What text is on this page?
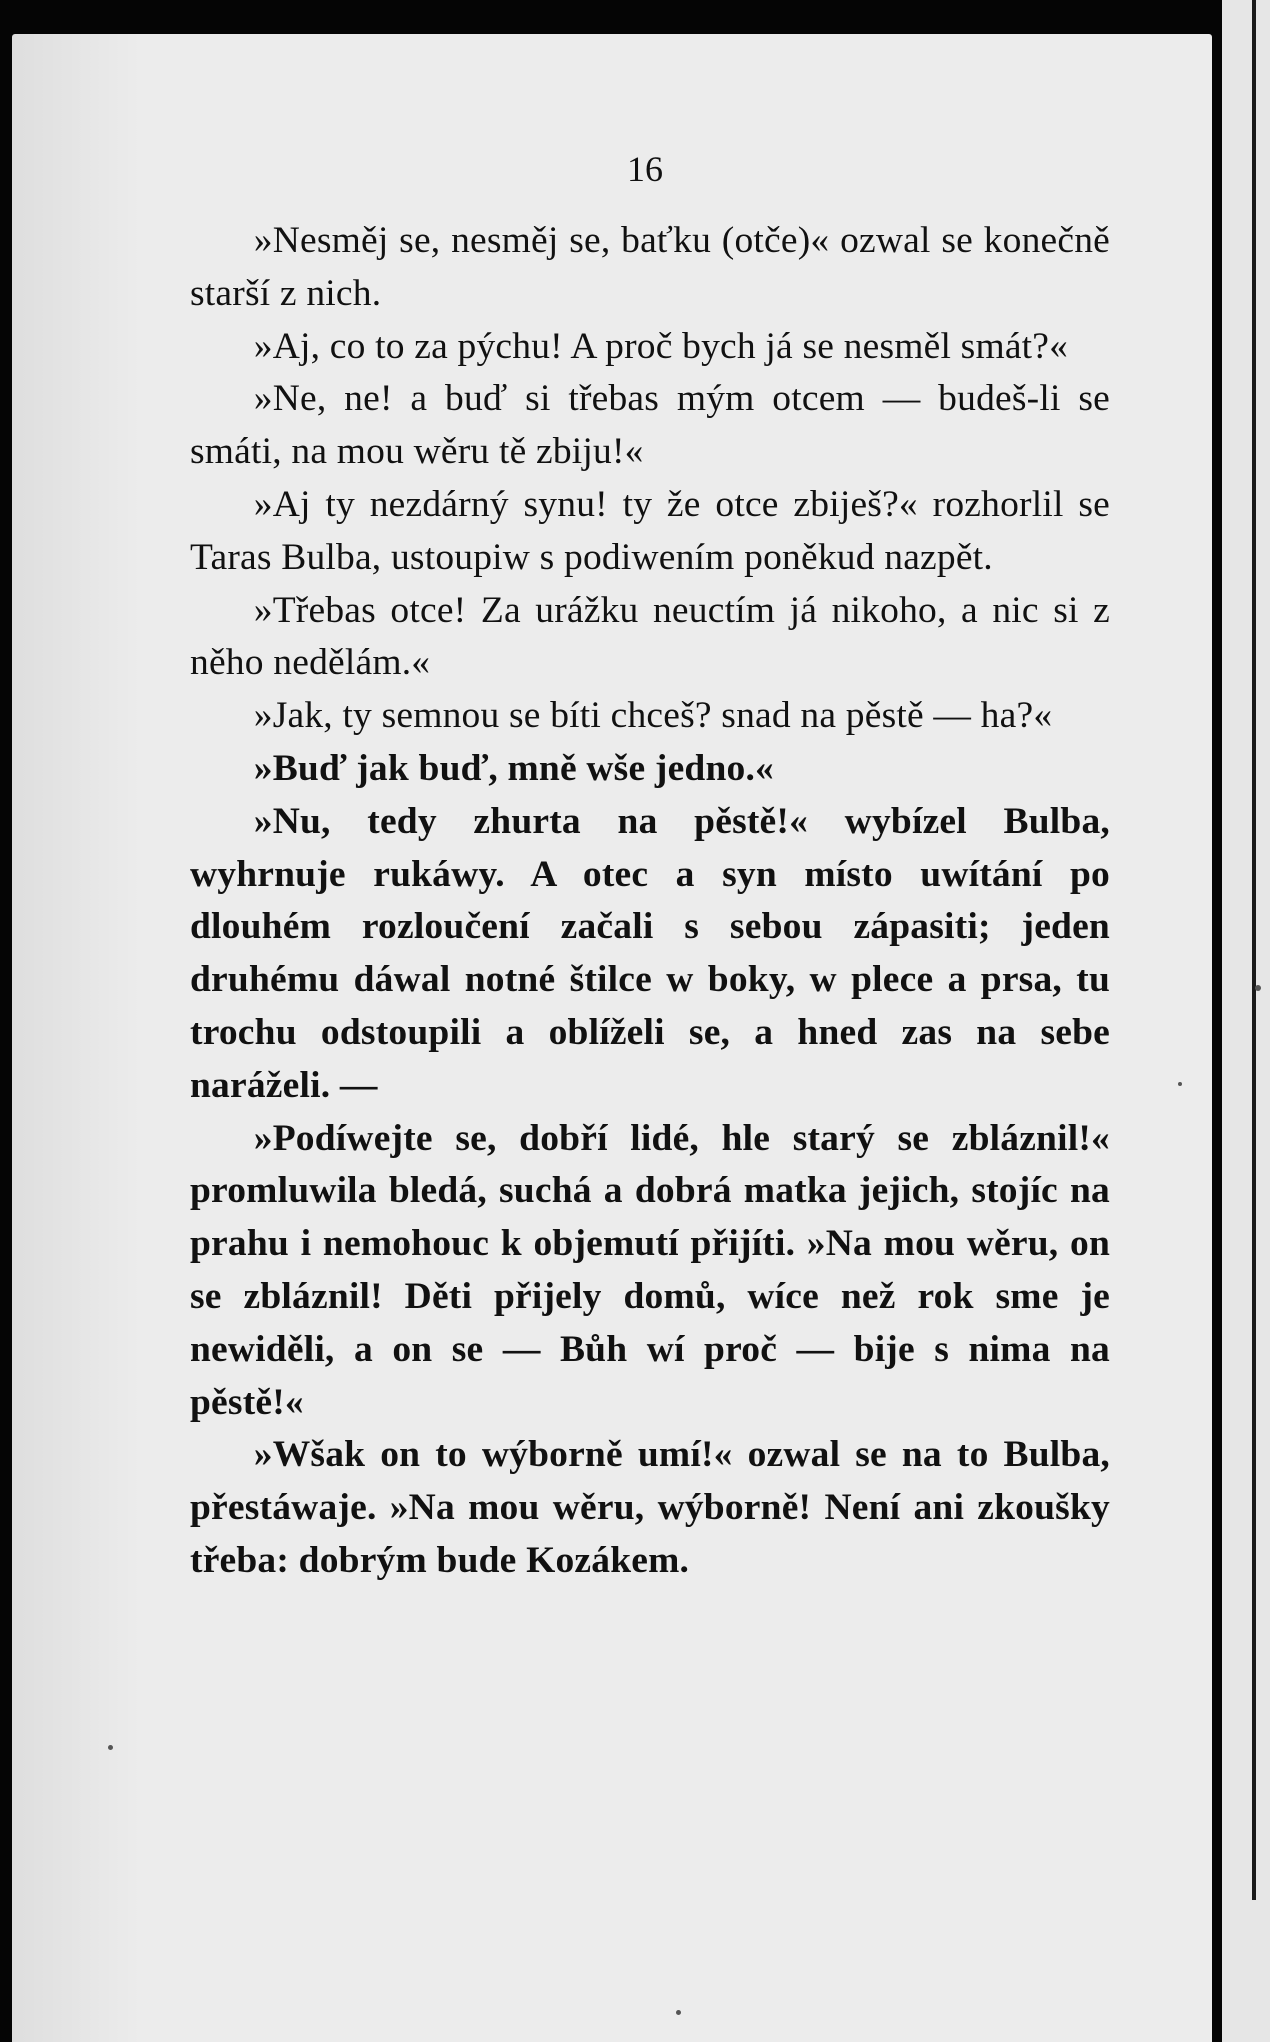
16

»Nesměj se, nesměj se, baťku (otče)« ozwal se konečně starší z nich.

»Aj, co to za pýchu! A proč bych já se nesměl smát?«

»Ne, ne! a buď si třebas mým otcem — budeš-li se smáti, na mou wěru tě zbiju!«

»Aj ty nezdárný synu! ty že otce zbiješ?« rozhorlil se Taras Bulba, ustoupiw s podiwením poněkud nazpět.

»Třebas otce! Za urážku neuctím já nikoho, a nic si z něho nedělám.«

»Jak, ty semnou se bíti chceš? snad na pěstě — ha?«

»Buď jak buď, mně wše jedno.«

»Nu, tedy zhurta na pěstě!« wybízel Bulba, wyhrnuje rukáwy. A otec a syn místo uwítání po dlouhém rozloučení začali s sebou zápasiti; jeden druhému dáwal notné štilce w boky, w plece a prsa, tu trochu odstoupili a oblíželi se, a hned zas na sebe naráželi. —

»Podíwejte se, dobří lidé, hle starý se zbláznil!« promluwila bledá, suchá a dobrá matka jejich, stojíc na prahu i nemohouc k objemutí přijíti. »Na mou wěru, on se zbláznil! Děti přijely domů, wíce než rok sme je newiděli, a on se — Bůh wí proč — bije s nima na pěstě!«

»Wšak on to wýborně umí!« ozwal se na to Bulba, přestáwaje. »Na mou wěru, wýborně! Není ani zkoušky třeba: dobrým bude Kozákem.
